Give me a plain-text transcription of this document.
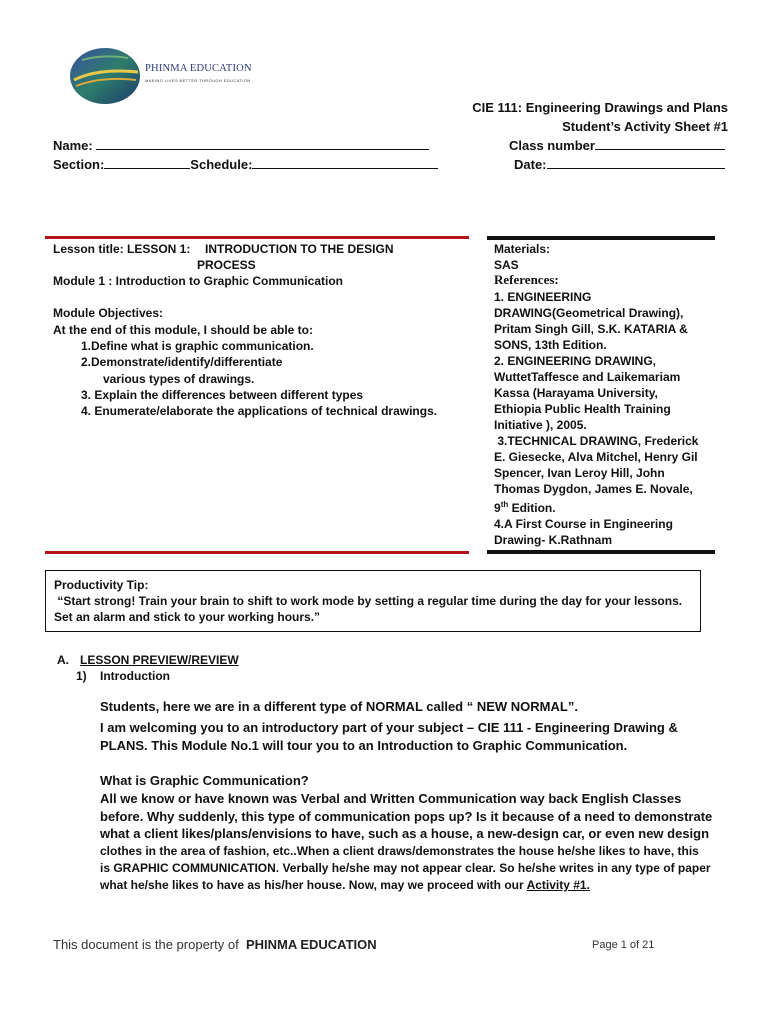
PHINMA EDUCATION
MAKING LIVES BETTER THROUGH EDUCATION
CIE 111: Engineering Drawings and Plans
Student’s Activity Sheet #1
Name:
Section:	Schedule:
Class number
Date:
Lesson title: LESSON 1: INTRODUCTION TO THE DESIGN
PROCESS
Module 1 : Introduction to Graphic Communication
Module Objectives:
At the end of this module, I should be able to:
1.Define what is graphic communication.
2.Demonstrate/identify/differentiate
various types of drawings.
3. Explain the differences between different types
4. Enumerate/elaborate the applications of technical drawings.
Materials:
SAS
References:
1. ENGINEERING
DRAWING(Geometrical Drawing),
Pritam Singh Gill, S.K. KATARIA &
SONS, 13th Edition.
2. ENGINEERING DRAWING,
WuttetTaffesce and Laikemariam
Kassa (Harayama University,
Ethiopia Public Health Training
Initiative ), 2005.
3.TECHNICAL DRAWING, Frederick
E. Giesecke, Alva Mitchel, Henry Gil
Spencer, Ivan Leroy Hill, John
Thomas Dygdon, James E. Novale,
9th Edition.
4.A First Course in Engineering
Drawing- K.Rathnam
Productivity Tip:
“Start strong! Train your brain to shift to work mode by setting a regular time during the day for your lessons.
Set an alarm and stick to your working hours.”
A. LESSON PREVIEW/REVIEW
1) Introduction
Students, here we are in a different type of NORMAL called “ NEW NORMAL”.
I am welcoming you to an introductory part of your subject – CIE 111 - Engineering Drawing &
PLANS. This Module No.1 will tour you to an Introduction to Graphic Communication.
What is Graphic Communication?
All we know or have known was Verbal and Written Communication way back English Classes
before. Why suddenly, this type of communication pops up? Is it because of a need to demonstrate
what a client likes/plans/envisions to have, such as a house, a new-design car, or even new design
clothes in the area of fashion, etc..When a client draws/demonstrates the house he/she likes to have, this
is GRAPHIC COMMUNICATION. Verbally he/she may not appear clear. So he/she writes in any type of paper
what he/she likes to have as his/her house. Now, may we proceed with our Activity #1.
This document is the property of  PHINMA EDUCATION	Page 1 of 21
